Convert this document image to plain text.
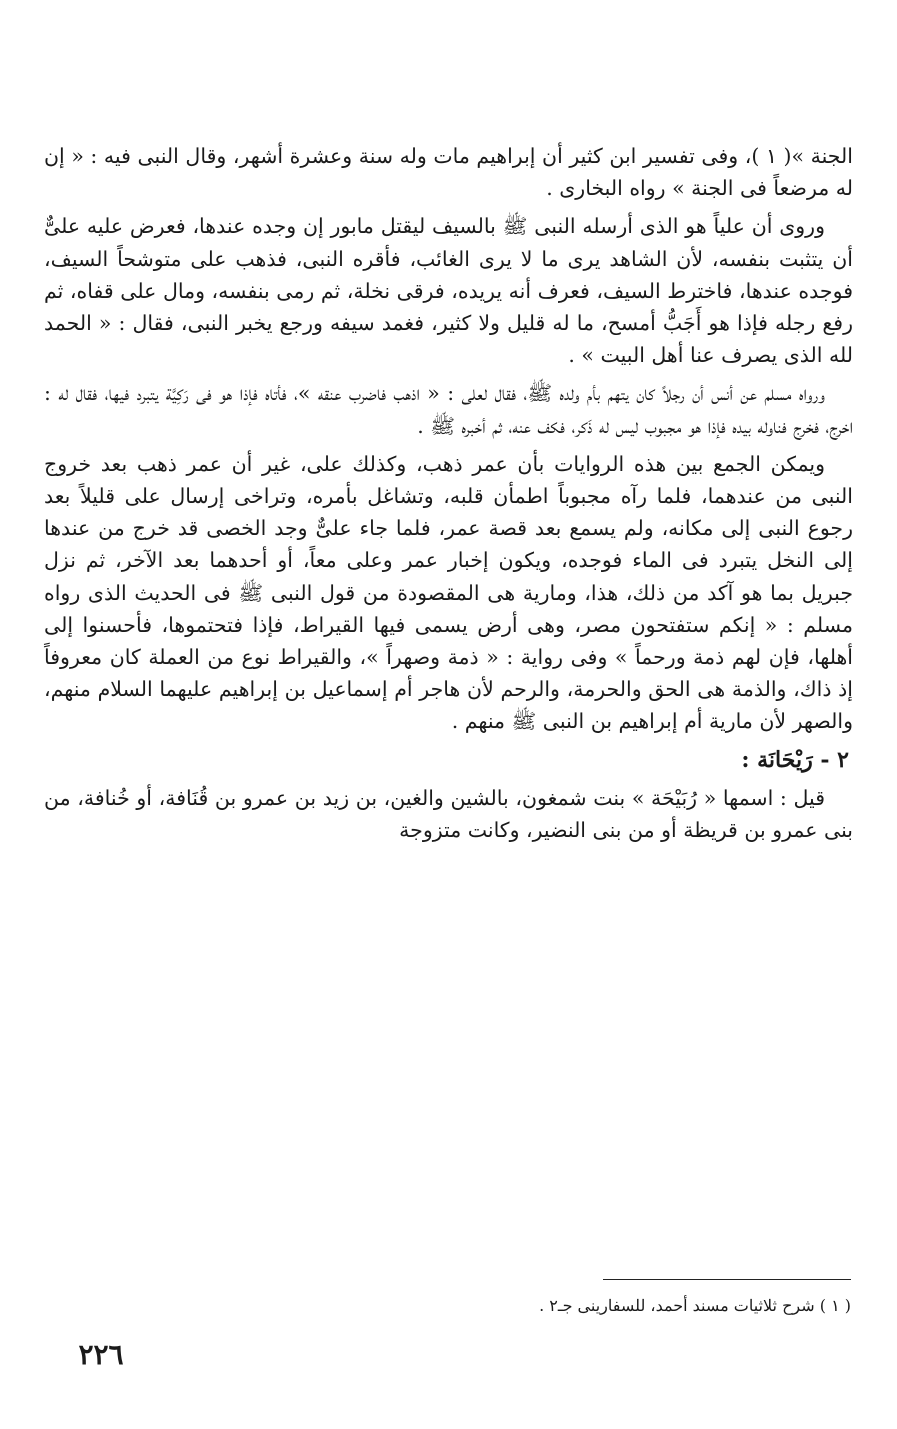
الجنة »( ١ )، وفى تفسير ابن كثير أن إبراهيم مات وله سنة وعشرة أشهر، وقال النبى فيه : « إن له مرضعاً فى الجنة » رواه البخارى .

وروى أن علياً هو الذى أرسله النبى ﷺ بالسيف ليقتل مابور إن وجده عندها، فعرض عليه علىٌّ أن يتثبت بنفسه، لأن الشاهد يرى ما لا يرى الغائب، فأقره النبى، فذهب على متوشحاً السيف، فوجده عندها، فاخترط السيف، فعرف أنه يريده، فرقى نخلة، ثم رمى بنفسه، ومال على قفاه، ثم رفع رجله فإذا هو أَجَبُّ أمسح، ما له قليل ولا كثير، فغمد سيفه ورجع يخبر النبى، فقال : « الحمد لله الذى يصرف عنا أهل البيت » .

ورواه مسلم عن أنس أن رجلاً كان يتهم بأم ولده ﷺ، فقال لعلى : « اذهب فاضرب عنقه »، فأتاه فإذا هو فى رَكِيَّة يتبرد فيها، فقال له : اخرج، فخرج فناوله بيده فإذا هو مجبوب ليس له ذَكر، فكف عنه، ثم أخبره ﷺ .

ويمكن الجمع بين هذه الروايات بأن عمر ذهب، وكذلك على، غير أن عمر ذهب بعد خروج النبى من عندهما، فلما رآه مجبوباً اطمأن قلبه، وتشاغل بأمره، وتراخى إرسال على قليلاً بعد رجوع النبى إلى مكانه، ولم يسمع بعد قصة عمر، فلما جاء علىٌّ وجد الخصى قد خرج من عندها إلى النخل يتبرد فى الماء فوجده، ويكون إخبار عمر وعلى معاً، أو أحدهما بعد الآخر، ثم نزل جبريل بما هو آكد من ذلك، هذا، ومارية هى المقصودة من قول النبى ﷺ فى الحديث الذى رواه مسلم : « إنكم ستفتحون مصر، وهى أرض يسمى فيها القيراط، فإذا فتحتموها، فأحسنوا إلى أهلها، فإن لهم ذمة ورحماً » وفى رواية : « ذمة وصهراً »، والقيراط نوع من العملة كان معروفاً إذ ذاك، والذمة هى الحق والحرمة، والرحم لأن هاجر أم إسماعيل بن إبراهيم عليهما السلام منهم، والصهر لأن مارية أم إبراهيم بن النبى ﷺ منهم .

٢ - رَيْحَانَة :

قيل : اسمها « رُبَيْحَة » بنت شمغون، بالشين والغين، بن زيد بن عمرو بن قُنَافة، أو خُنافة، من بنى عمرو بن قريظة أو من بنى النضير، وكانت متزوجة

( ١ ) شرح ثلاثيات مسند أحمد، للسفارينى جـ٢ .
٢٢٦
